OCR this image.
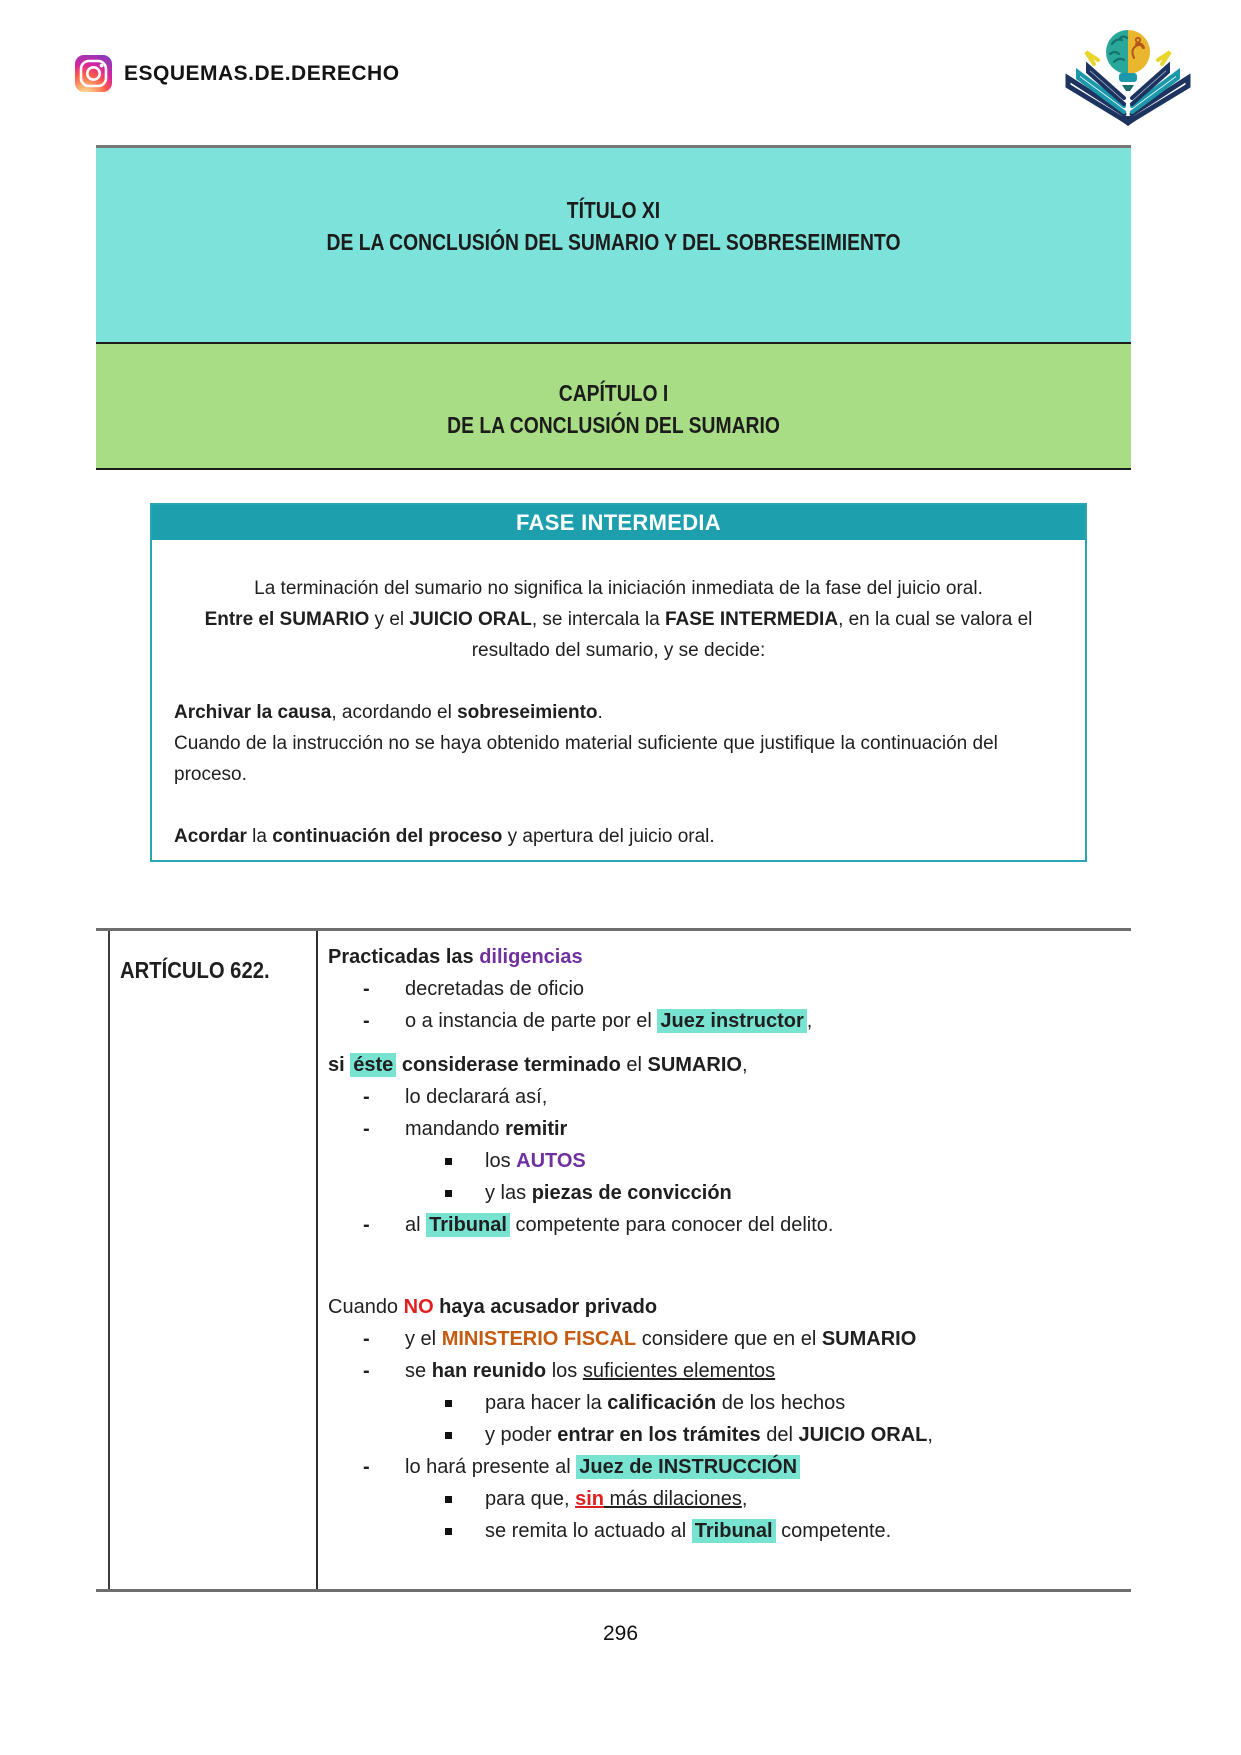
ESQUEMAS.DE.DERECHO
TÍTULO XI
DE LA CONCLUSIÓN DEL SUMARIO Y DEL SOBRESEIMIENTO
CAPÍTULO I
DE LA CONCLUSIÓN DEL SUMARIO
FASE INTERMEDIA

La terminación del sumario no significa la iniciación inmediata de la fase del juicio oral.

Entre el SUMARIO y el JUICIO ORAL, se intercala la FASE INTERMEDIA, en la cual se valora el resultado del sumario, y se decide:

Archivar la causa, acordando el sobreseimiento.

Cuando de la instrucción no se haya obtenido material suficiente que justifique la continuación del proceso.

Acordar la continuación del proceso y apertura del juicio oral.

ARTÍCULO 622.	Practicadas las diligencias
- decretadas de oficio
- o a instancia de parte por el Juez instructor ,
si éste considerase terminado el SUMARIO,
- lo declarará así,
- mandando remitir
los AUTOS
y las piezas de convicción
- al Tribunal competente para conocer del delito.
Cuando NO haya acusador privado
- y el MINISTERIO FISCAL considere que en el SUMARIO
- se han reunido los suficientes elementos
para hacer la calificación de los hechos
y poder entrar en los trámites del JUICIO ORAL,
- lo hará presente al Juez de INSTRUCCIÓN
para que, sin más dilaciones,
se remita lo actuado al Tribunal competente.
296
